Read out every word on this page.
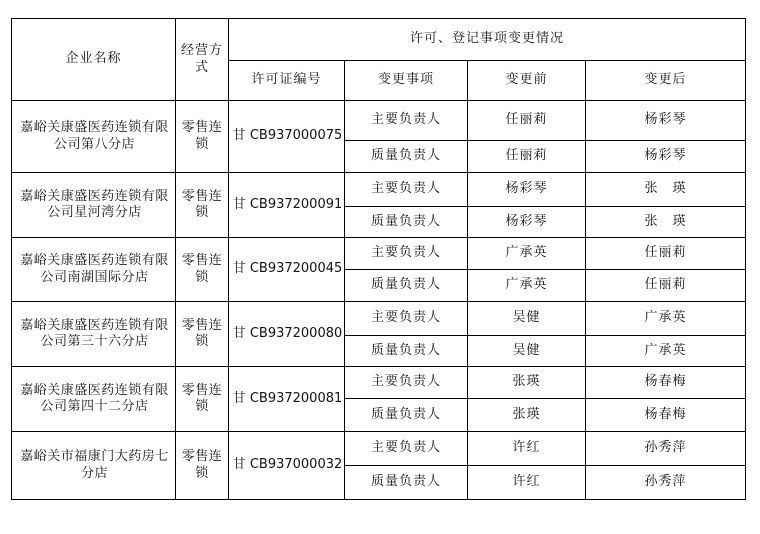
企业名称	经营方式	许可、登记事项变更情况			
		许可证编号	变更事项	变更前	变更后
嘉峪关康盛医药连锁有限公司第八分店	零售连锁	甘 CB937000075	主要负责人	任丽莉	杨彩琴
			质量负责人	任丽莉	杨彩琴
嘉峪关康盛医药连锁有限公司星河湾分店	零售连锁	甘 CB937200091	主要负责人	杨彩琴	张　瑛
			质量负责人	杨彩琴	张　瑛
嘉峪关康盛医药连锁有限公司南湖国际分店	零售连锁	甘 CB937200045	主要负责人	广承英	任丽莉
			质量负责人	广承英	任丽莉
嘉峪关康盛医药连锁有限公司第三十六分店	零售连锁	甘 CB937200080	主要负责人	吴健	广承英
			质量负责人	吴健	广承英
嘉峪关康盛医药连锁有限公司第四十二分店	零售连锁	甘 CB937200081	主要负责人	张瑛	杨春梅
			质量负责人	张瑛	杨春梅
嘉峪关市福康门大药房七分店	零售连锁	甘 CB937000032	主要负责人	许红	孙秀萍
			质量负责人	许红	孙秀萍
